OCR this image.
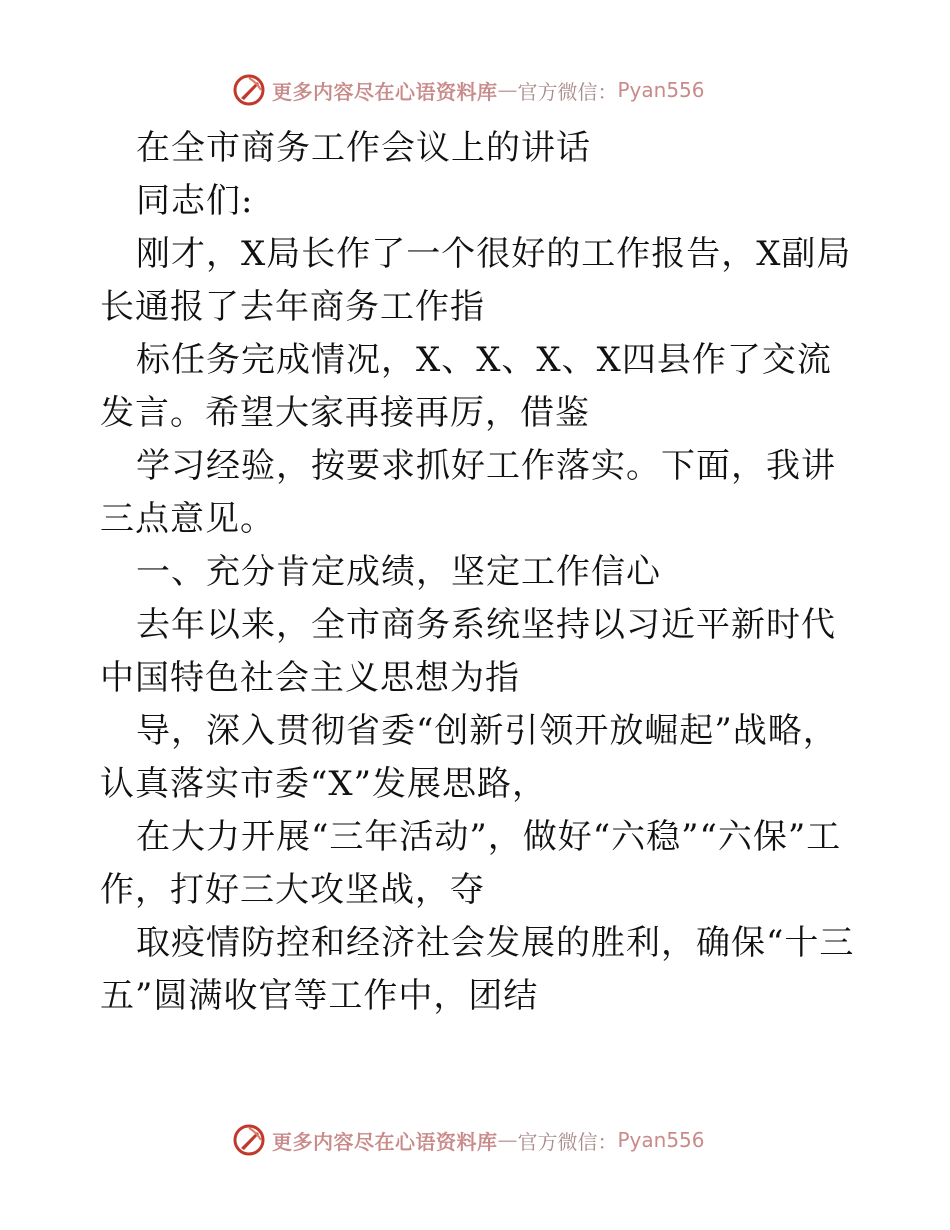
更多内容尽在心语资料库 — 官方微信： Pyan556

在全市商务工作会议上的讲话

同志们:

刚才，X局长作了一个很好的工作报告，X副局长通报了去年商务工作指

标任务完成情况，X、X、X、X四县作了交流发言。希望大家再接再厉，借鉴

学习经验，按要求抓好工作落实。下面，我讲三点意见。

一、充分肯定成绩，坚定工作信心

去年以来，全市商务系统坚持以习近平新时代中国特色社会主义思想为指

导，深入贯彻省委“创新引领开放崛起”战略，认真落实市委“X”发展思路，

在大力开展“三年活动”，做好“六稳”“六保”工作，打好三大攻坚战，夺

取疫情防控和经济社会发展的胜利，确保“十三五”圆满收官等工作中，团结

更多内容尽在心语资料库 — 官方微信： Pyan556
